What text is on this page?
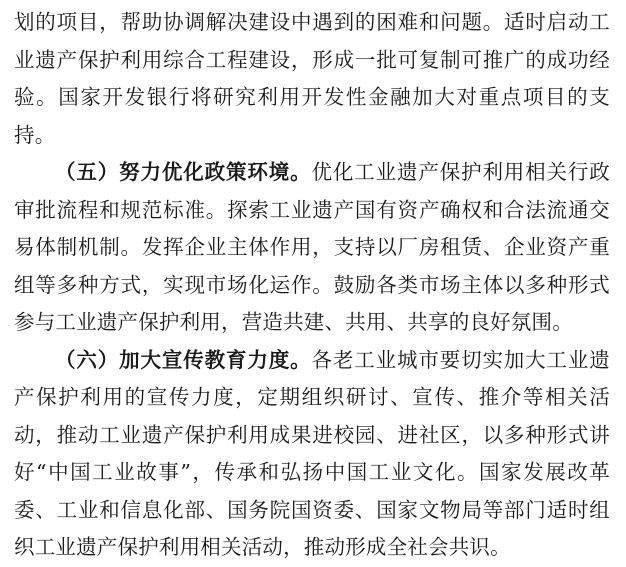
划的项目，帮助协调解决建设中遇到的困难和问题。适时启动工业遗产保护利用综合工程建设，形成一批可复制可推广的成功经验。国家开发银行将研究利用开发性金融加大对重点项目的支持。
（五）努力优化政策环境。优化工业遗产保护利用相关行政审批流程和规范标准。探索工业遗产国有资产确权和合法流通交易体制机制。发挥企业主体作用，支持以厂房租赁、企业资产重组等多种方式，实现市场化运作。鼓励各类市场主体以多种形式参与工业遗产保护利用，营造共建、共用、共享的良好氛围。
（六）加大宣传教育力度。各老工业城市要切实加大工业遗产保护利用的宣传力度，定期组织研讨、宣传、推介等相关活动，推动工业遗产保护利用成果进校园、进社区，以多种形式讲好“中国工业故事”，传承和弘扬中国工业文化。国家发展改革委、工业和信息化部、国务院国资委、国家文物局等部门适时组织工业遗产保护利用相关活动，推动形成全社会共识。
